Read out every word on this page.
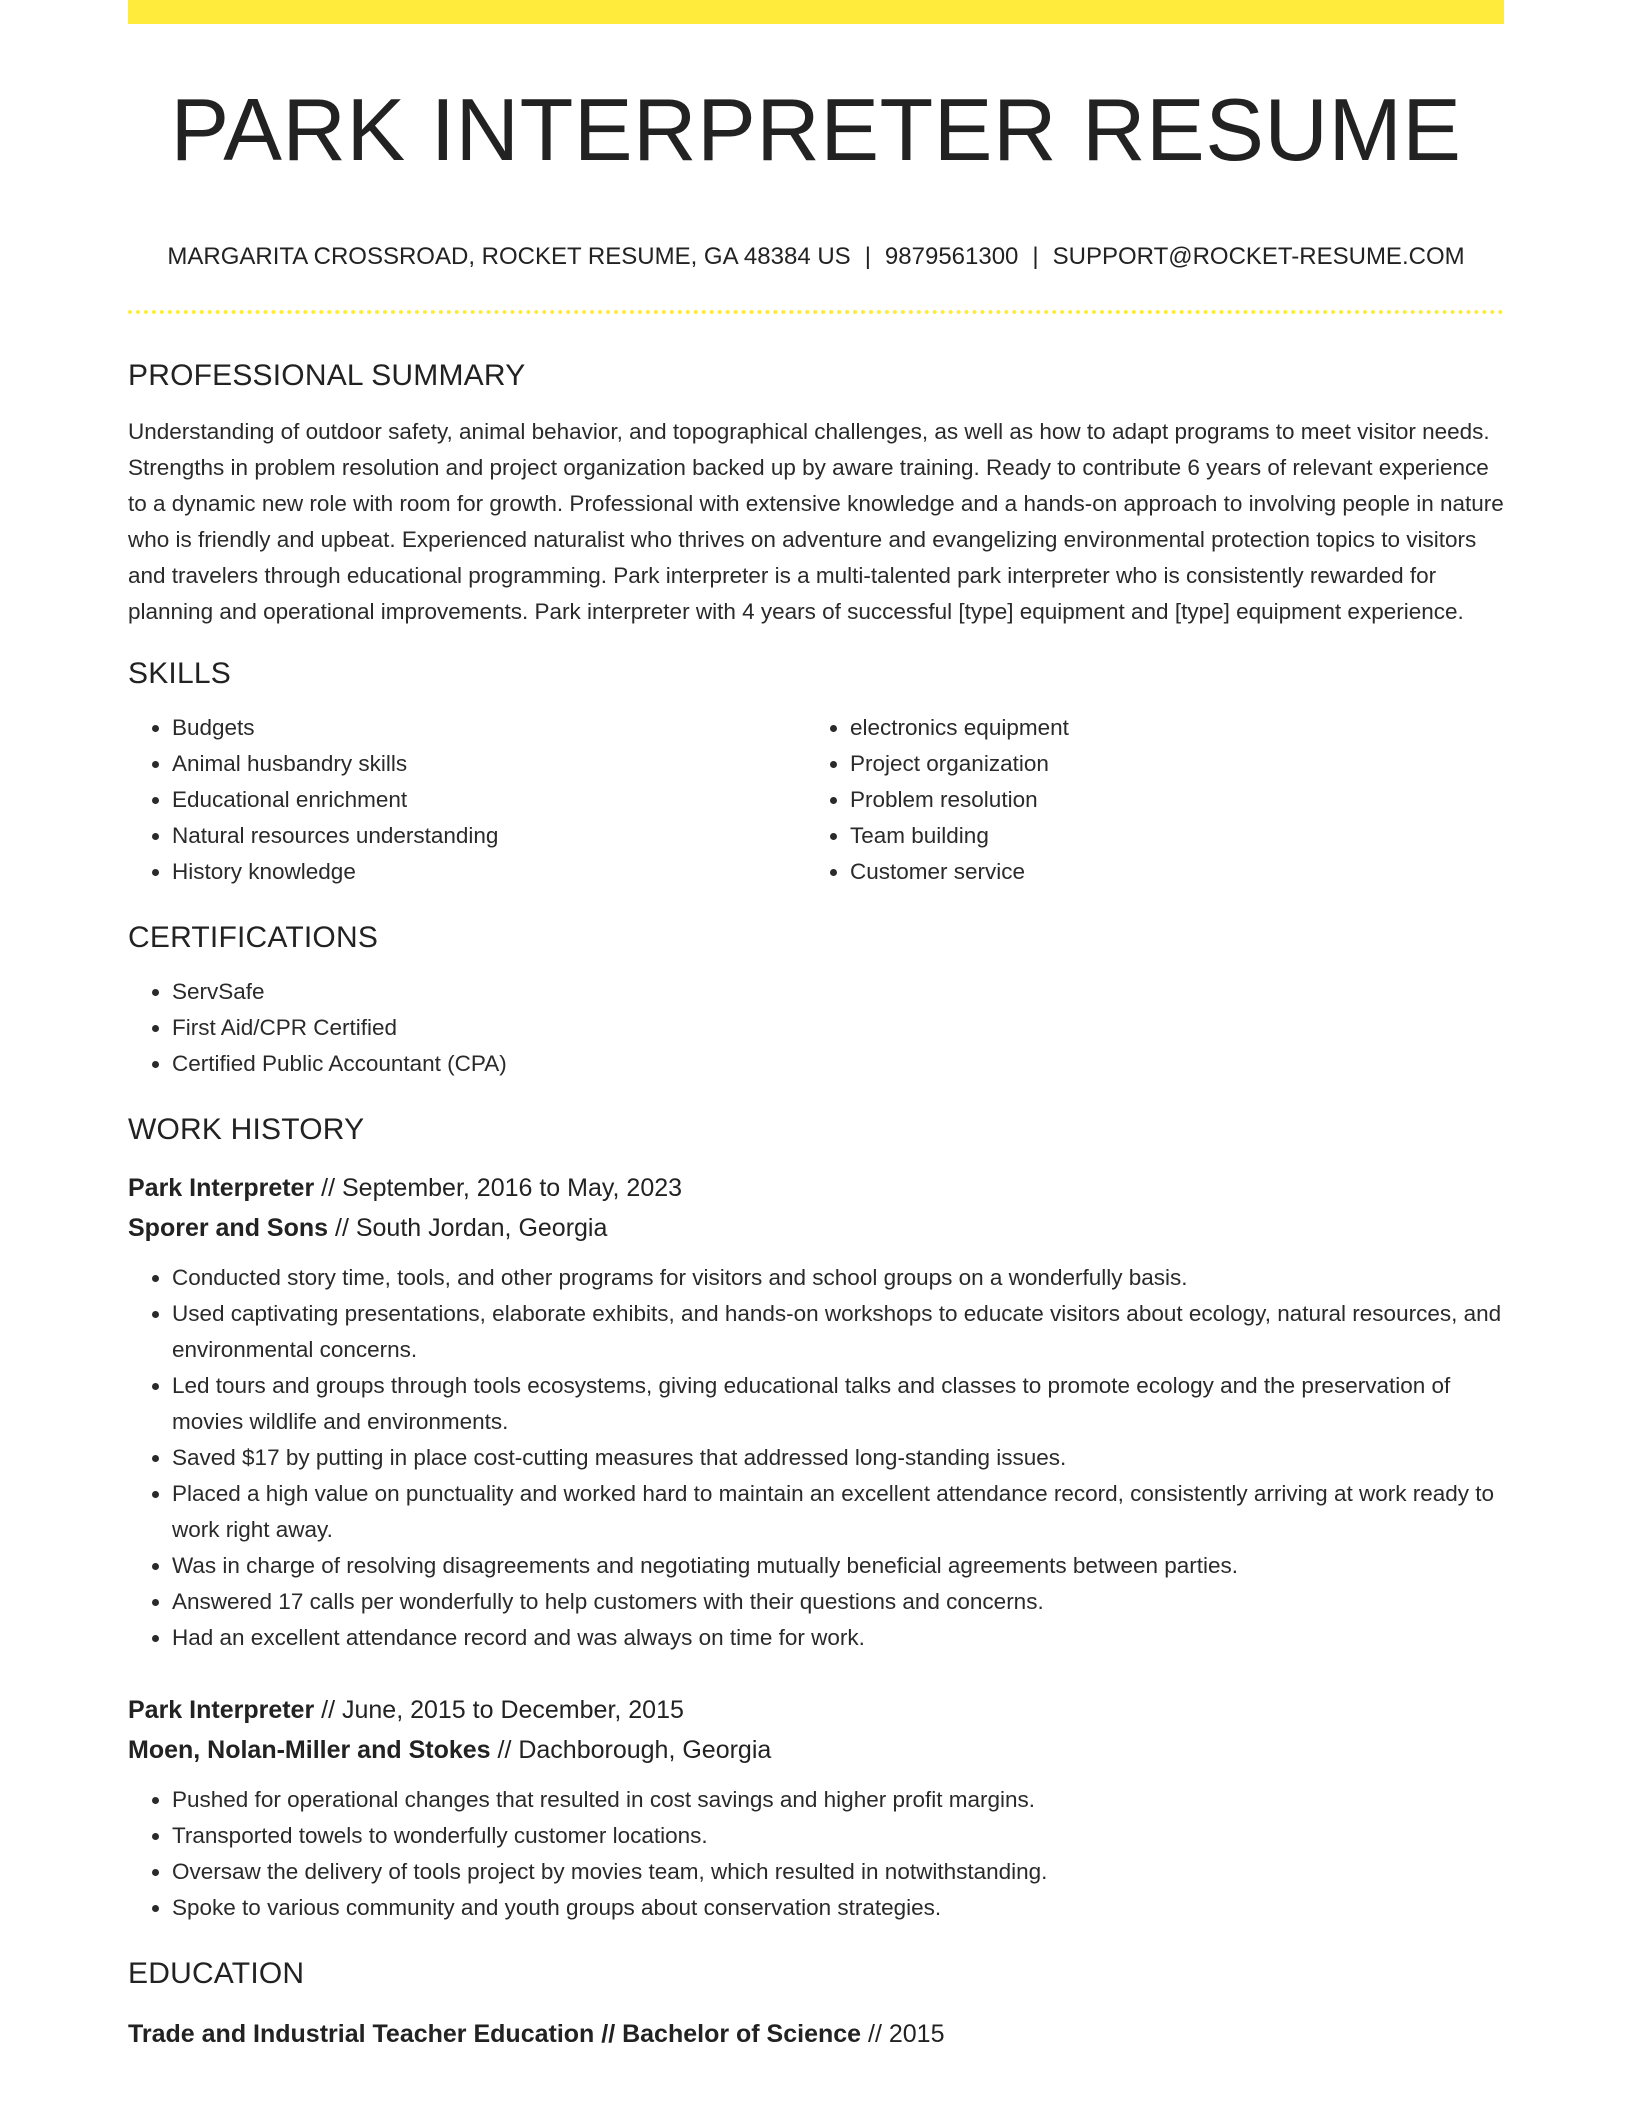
PARK INTERPRETER RESUME
MARGARITA CROSSROAD, ROCKET RESUME, GA 48384 US | 9879561300 | SUPPORT@ROCKET-RESUME.COM
PROFESSIONAL SUMMARY

Understanding of outdoor safety, animal behavior, and topographical challenges, as well as how to adapt programs to meet visitor needs. Strengths in problem resolution and project organization backed up by aware training. Ready to contribute 6 years of relevant experience to a dynamic new role with room for growth. Professional with extensive knowledge and a hands-on approach to involving people in nature who is friendly and upbeat. Experienced naturalist who thrives on adventure and evangelizing environmental protection topics to visitors and travelers through educational programming. Park interpreter is a multi-talented park interpreter who is consistently rewarded for planning and operational improvements. Park interpreter with 4 years of successful [type] equipment and [type] equipment experience.

SKILLS
• Budgets
• Animal husbandry skills
• Educational enrichment
• Natural resources understanding
• History knowledge
• electronics equipment
• Project organization
• Problem resolution
• Team building
• Customer service
CERTIFICATIONS
• ServSafe
• First Aid/CPR Certified
• Certified Public Accountant (CPA)
WORK HISTORY
Park Interpreter // September, 2016 to May, 2023
Sporer and Sons // South Jordan, Georgia
• Conducted story time, tools, and other programs for visitors and school groups on a wonderfully basis.
• Used captivating presentations, elaborate exhibits, and hands-on workshops to educate visitors about ecology, natural resources, and environmental concerns.
• Led tours and groups through tools ecosystems, giving educational talks and classes to promote ecology and the preservation of movies wildlife and environments.
• Saved $17 by putting in place cost-cutting measures that addressed long-standing issues.
• Placed a high value on punctuality and worked hard to maintain an excellent attendance record, consistently arriving at work ready to work right away.
• Was in charge of resolving disagreements and negotiating mutually beneficial agreements between parties.
• Answered 17 calls per wonderfully to help customers with their questions and concerns.
• Had an excellent attendance record and was always on time for work.
Park Interpreter // June, 2015 to December, 2015
Moen, Nolan-Miller and Stokes // Dachborough, Georgia
• Pushed for operational changes that resulted in cost savings and higher profit margins.
• Transported towels to wonderfully customer locations.
• Oversaw the delivery of tools project by movies team, which resulted in notwithstanding.
• Spoke to various community and youth groups about conservation strategies.
EDUCATION
Trade and Industrial Teacher Education // Bachelor of Science // 2015
